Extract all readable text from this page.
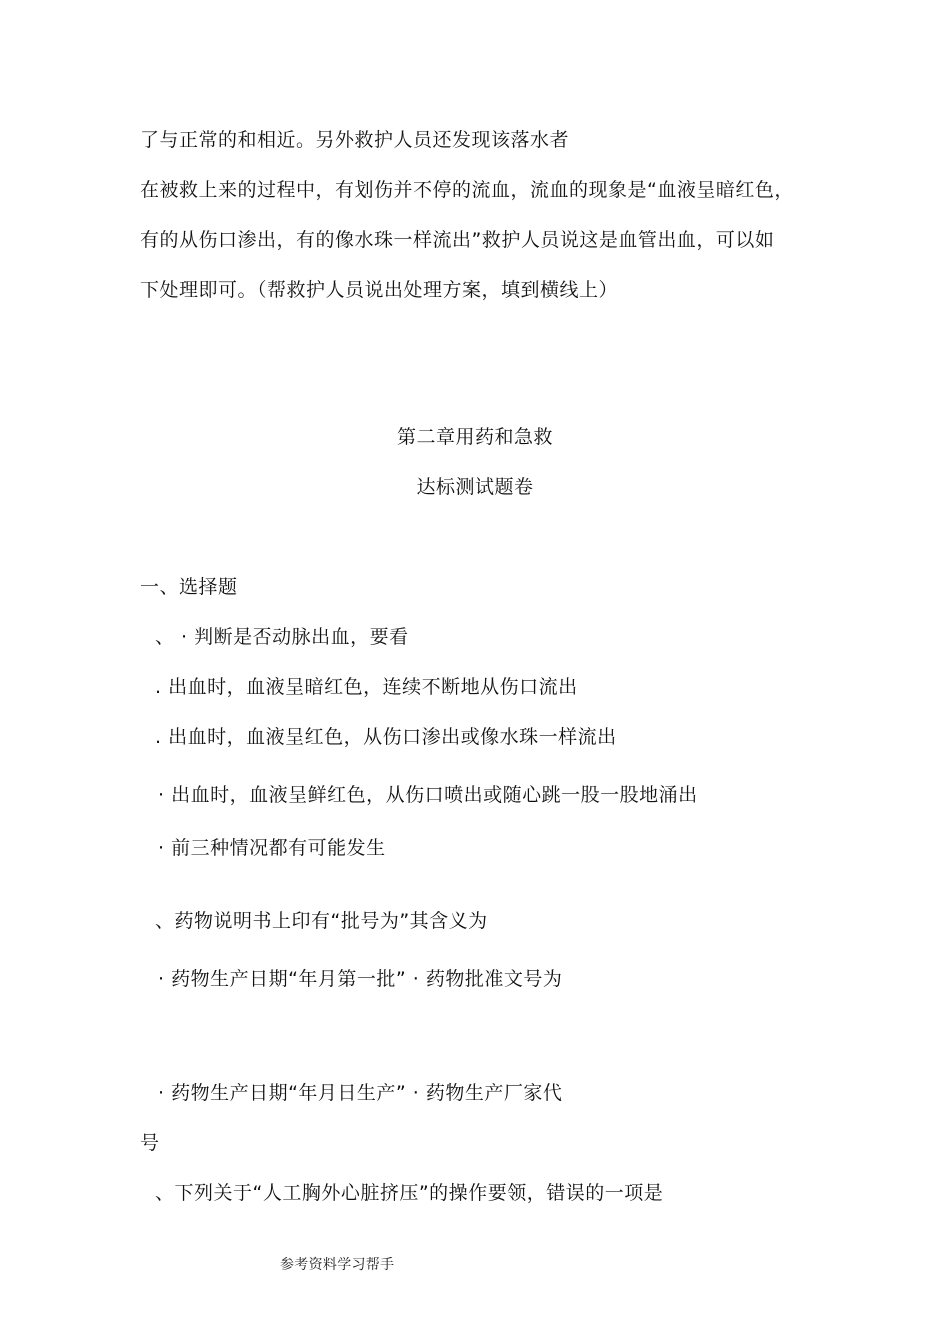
了与正常的和相近。另外救护人员还发现该落水者
在被救上来的过程中，有划伤并不停的流血，流血的现象是“血液呈暗红色，
有的从伤口渗出，有的像水珠一样流出”救护人员说这是血管出血，可以如
下处理即可。（帮救护人员说出处理方案，填到横线上）
第二章用药和急救
达标测试题卷
一、选择题
、 · 判断是否动脉出血，要看
. 出血时，血液呈暗红色，连续不断地从伤口流出
. 出血时，血液呈红色，从伤口渗出或像水珠一样流出
· 出血时，血液呈鲜红色，从伤口喷出或随心跳一股一股地涌出
· 前三种情况都有可能发生
、药物说明书上印有“批号为”其含义为
· 药物生产日期“年月第一批” · 药物批准文号为
· 药物生产日期“年月日生产” · 药物生产厂家代
号
、下列关于“人工胸外心脏挤压”的操作要领，错误的一项是
参考资料学习帮手
